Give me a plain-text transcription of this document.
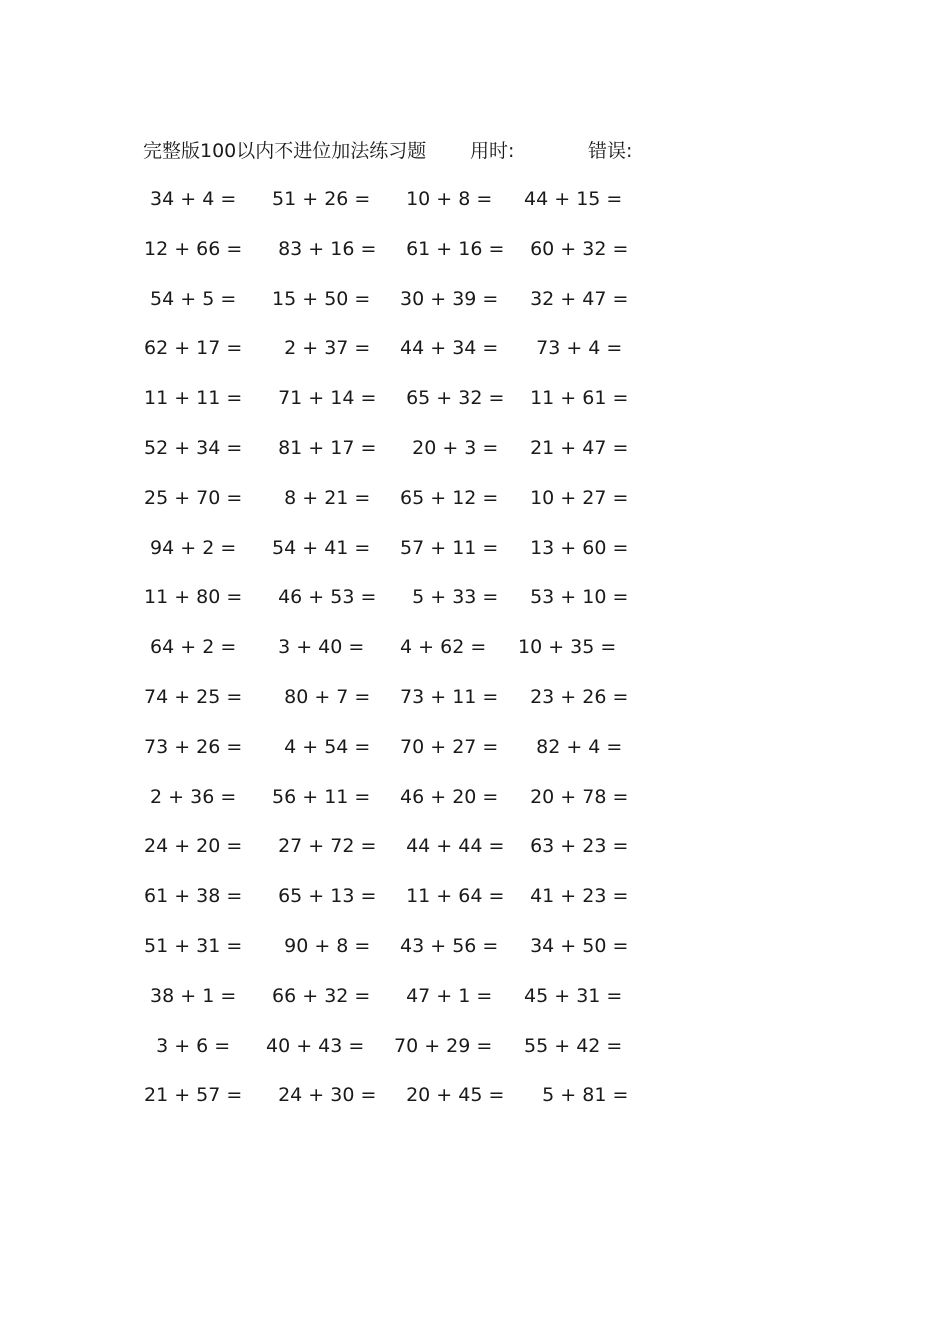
完整版100以内不进位加法练习题 用时:	错误:
34 + 4 =	51 + 26 =	10 + 8 =	44 + 15 =
12 + 66 =	83 + 16 = 61 + 16 = 60 + 32 =
54 + 5 =	15 + 50 =	30 + 39 =	32 + 47 =
62 + 17 =	2 + 37 =	44 + 34 =	73 + 4 =
11 + 11 =	71 + 14 = 65 + 32 = 11 + 61 =
52 + 34 =	81 + 17 = 20 + 3 =	21 + 47 =
25 + 70 =	8 + 21 =	65 + 12 =	10 + 27 =
94 + 2 =	54 + 41 =	57 + 11 =	13 + 60 =
11 + 80 =	46 + 53 = 5 + 33 =	53 + 10 =
64 + 2 =	3 + 40 =	4 + 62 =	10 + 35 =
74 + 25 =	80 + 7 =	73 + 11 =	23 + 26 =
73 + 26 =	4 + 54 =	70 + 27 =	82 + 4 =
2 + 36 =	56 + 11 =	46 + 20 =	20 + 78 =
24 + 20 =	27 + 72 = 44 + 44 = 63 + 23 =
61 + 38 =	65 + 13 = 11 + 64 = 41 + 23 =
51 + 31 =	90 + 8 =	43 + 56 =	34 + 50 =
38 + 1 =	66 + 32 =	47 + 1 =	45 + 31 =
3 + 6 =	40 + 43 =	70 + 29 =	55 + 42 =
21 + 57 =	24 + 30 = 20 + 45 = 5 + 81 =
